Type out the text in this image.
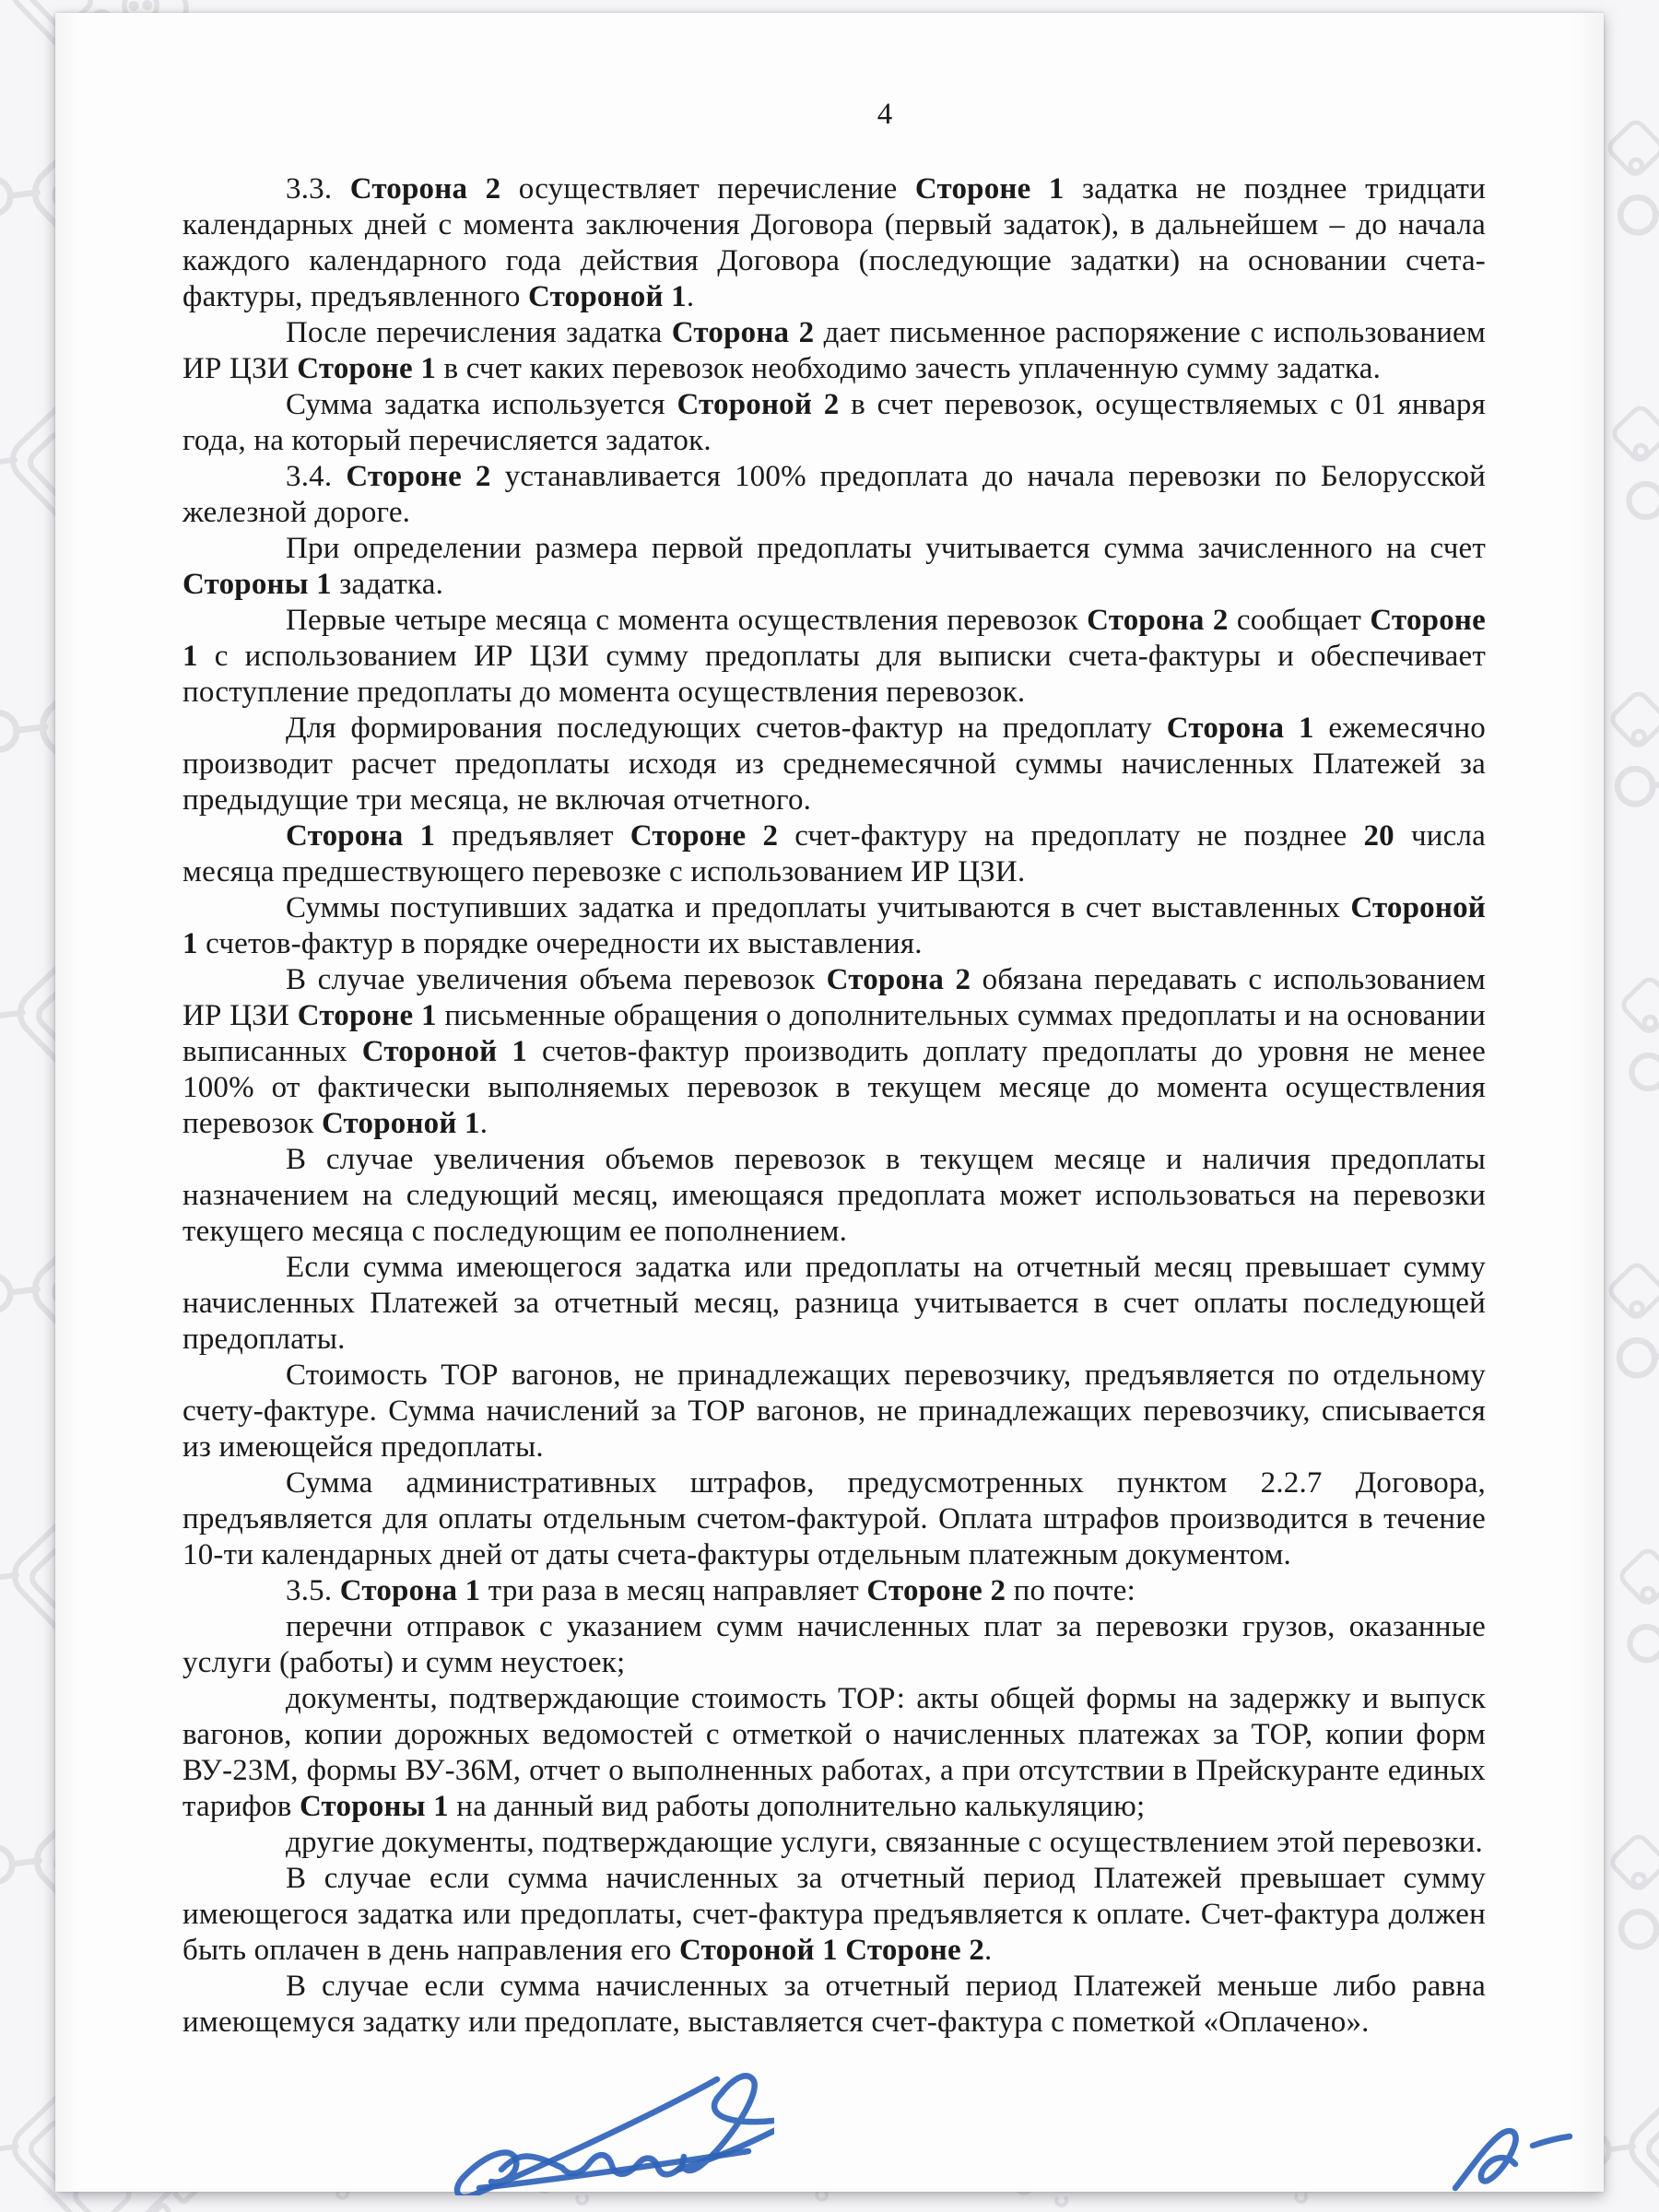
4

3.3. Сторона 2 осуществляет перечисление Стороне 1 задатка не позднее тридцати календарных дней с момента заключения Договора (первый задаток), в дальнейшем – до начала каждого календарного года действия Договора (последующие задатки) на основании счета-фактуры, предъявленного Стороной 1.

После перечисления задатка Сторона 2 дает письменное распоряжение с использованием ИР ЦЗИ Стороне 1 в счет каких перевозок необходимо зачесть уплаченную сумму задатка.

Сумма задатка используется Стороной 2 в счет перевозок, осуществляемых с 01 января года, на который перечисляется задаток.

3.4. Стороне 2 устанавливается 100% предоплата до начала перевозки по Белорусской железной дороге.

При определении размера первой предоплаты учитывается сумма зачисленного на счет Стороны 1 задатка.

Первые четыре месяца с момента осуществления перевозок Сторона 2 сообщает Стороне 1 с использованием ИР ЦЗИ сумму предоплаты для выписки счета-фактуры и обеспечивает поступление предоплаты до момента осуществления перевозок.

Для формирования последующих счетов-фактур на предоплату Сторона 1 ежемесячно производит расчет предоплаты исходя из среднемесячной суммы начисленных Платежей за предыдущие три месяца, не включая отчетного.

Сторона 1 предъявляет Стороне 2 счет-фактуру на предоплату не позднее 20 числа месяца предшествующего перевозке с использованием ИР ЦЗИ.

Суммы поступивших задатка и предоплаты учитываются в счет выставленных Стороной 1 счетов-фактур в порядке очередности их выставления.

В случае увеличения объема перевозок Сторона 2 обязана передавать с использованием ИР ЦЗИ Стороне 1 письменные обращения о дополнительных суммах предоплаты и на основании выписанных Стороной 1 счетов-фактур производить доплату предоплаты до уровня не менее 100% от фактически выполняемых перевозок в текущем месяце до момента осуществления перевозок Стороной 1.

В случае увеличения объемов перевозок в текущем месяце и наличия предоплаты назначением на следующий месяц, имеющаяся предоплата может использоваться на перевозки текущего месяца с последующим ее пополнением.

Если сумма имеющегося задатка или предоплаты на отчетный месяц превышает сумму начисленных Платежей за отчетный месяц, разница учитывается в счет оплаты последующей предоплаты.

Стоимость ТОР вагонов, не принадлежащих перевозчику, предъявляется по отдельному счету-фактуре. Сумма начислений за ТОР вагонов, не принадлежащих перевозчику, списывается из имеющейся предоплаты.

Сумма административных штрафов, предусмотренных пунктом 2.2.7 Договора, предъявляется для оплаты отдельным счетом-фактурой. Оплата штрафов производится в течение 10-ти календарных дней от даты счета-фактуры отдельным платежным документом.

3.5. Сторона 1 три раза в месяц направляет Стороне 2 по почте:

перечни отправок с указанием сумм начисленных плат за перевозки грузов, оказанные услуги (работы) и сумм неустоек;

документы, подтверждающие стоимость ТОР: акты общей формы на задержку и выпуск вагонов, копии дорожных ведомостей с отметкой о начисленных платежах за ТОР, копии форм ВУ-23М, формы ВУ-36М, отчет о выполненных работах, а при отсутствии в Прейскуранте единых тарифов Стороны 1 на данный вид работы дополнительно калькуляцию;

другие документы, подтверждающие услуги, связанные с осуществлением этой перевозки.

В случае если сумма начисленных за отчетный период Платежей превышает сумму имеющегося задатка или предоплаты, счет-фактура предъявляется к оплате. Счет-фактура должен быть оплачен в день направления его Стороной 1 Стороне 2.

В случае если сумма начисленных за отчетный период Платежей меньше либо равна имеющемуся задатку или предоплате, выставляется счет-фактура с пометкой «Оплачено».
